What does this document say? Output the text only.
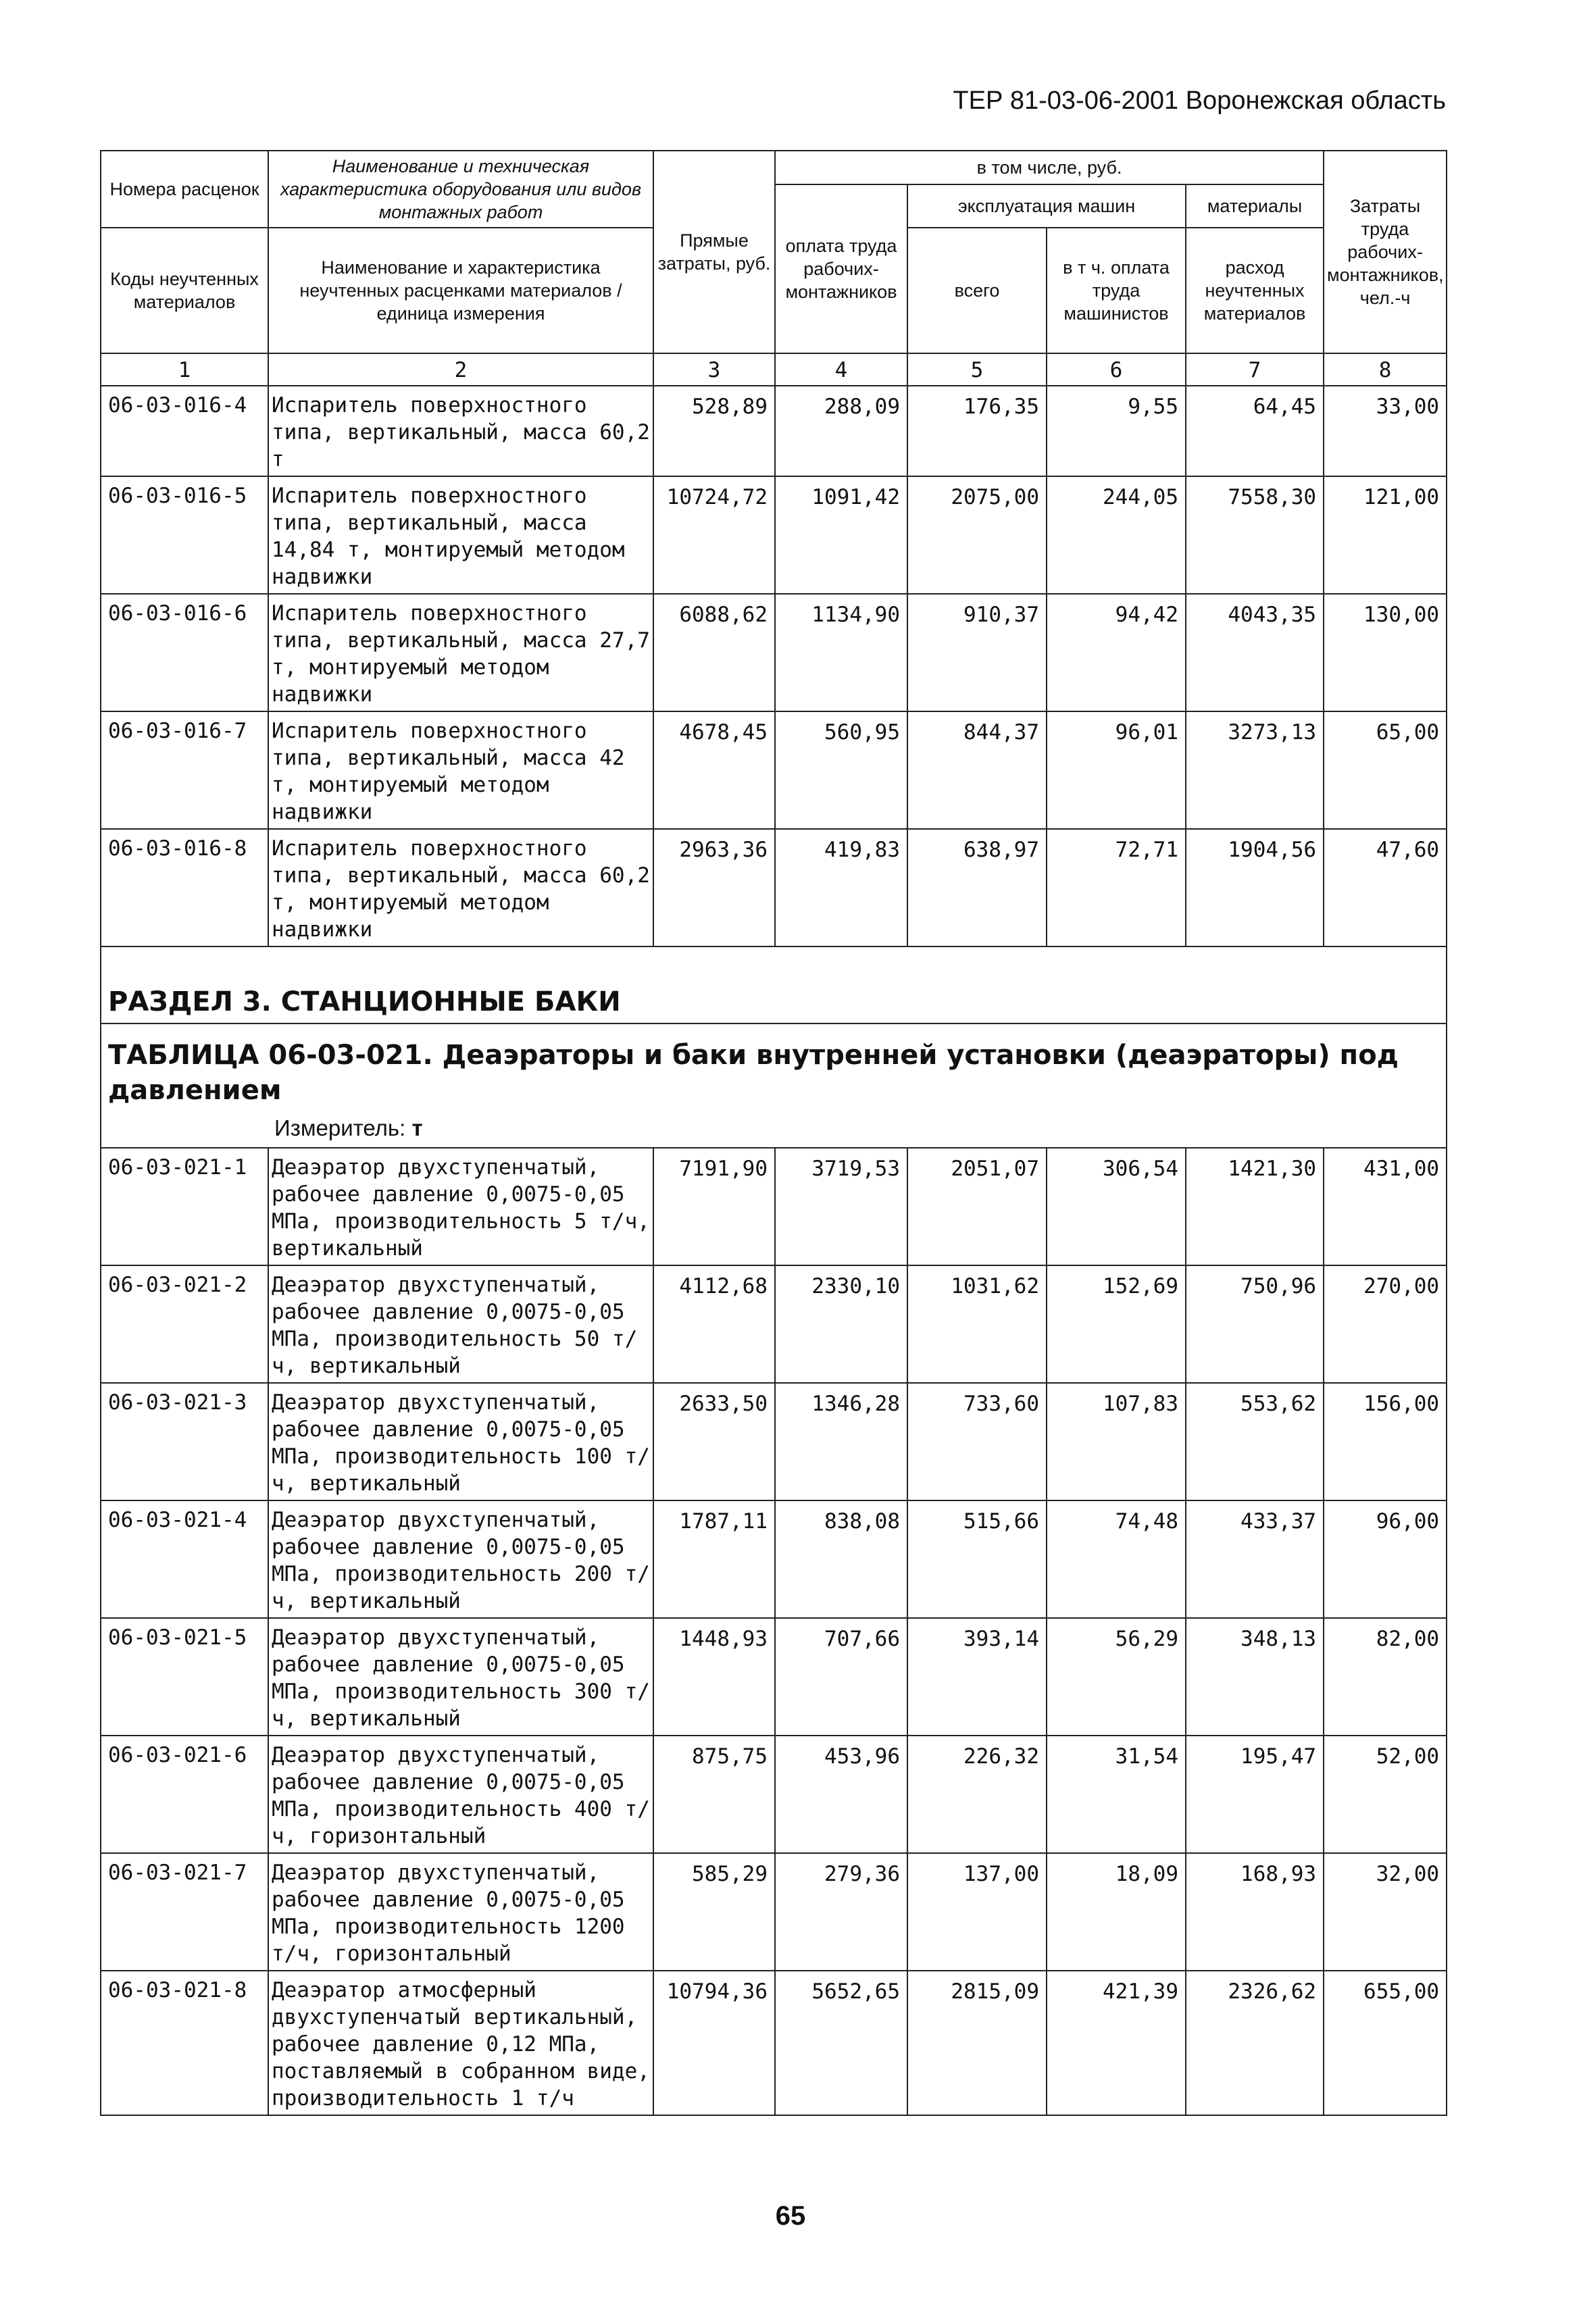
ТЕР 81-03-06-2001 Воронежская область
Номера расценок	Наименование и техническая характеристика оборудования или видов монтажных работ	Прямые затраты, руб.	в том числе, руб.				Затраты труда рабочих-монтажников, чел.-ч
			оплата труда рабочих-монтажников	эксплуатация машин		материалы	
Коды неучтенных материалов	Наименование и характеристика неучтенных расценками материалов / единица измерения			всего	в т ч. оплата труда машинистов	расход неучтенных материалов	
1	2	3	4	5	6	7	8
06-03-016-4	Испаритель поверхностного типа, вертикальный, масса 60,2 т	528,89	288,09	176,35	9,55	64,45	33,00
06-03-016-5	Испаритель поверхностного типа, вертикальный, масса 14,84 т, монтируемый методом надвижки	10724,72	1091,42	2075,00	244,05	7558,30	121,00
06-03-016-6	Испаритель поверхностного типа, вертикальный, масса 27,7 т, монтируемый методом надвижки	6088,62	1134,90	910,37	94,42	4043,35	130,00
06-03-016-7	Испаритель поверхностного типа, вертикальный, масса 42 т, монтируемый методом надвижки	4678,45	560,95	844,37	96,01	3273,13	65,00
06-03-016-8	Испаритель поверхностного типа, вертикальный, масса 60,2 т, монтируемый методом надвижки	2963,36	419,83	638,97	72,71	1904,56	47,60
РАЗДЕЛ 3. СТАНЦИОННЫЕ БАКИ							
ТАБЛИЦА 06-03-021. Деаэраторы и баки внутренней установки (деаэраторы) под давлением
Измеритель: т							

06-03-021-1	Деаэратор двухступенчатый, рабочее давление 0,0075-0,05 МПа, производительность 5 т/ч, вертикальный	7191,90	3719,53	2051,07	306,54	1421,30	431,00
06-03-021-2	Деаэратор двухступенчатый, рабочее давление 0,0075-0,05 МПа, производительность 50 т/ч, вертикальный	4112,68	2330,10	1031,62	152,69	750,96	270,00
06-03-021-3	Деаэратор двухступенчатый, рабочее давление 0,0075-0,05 МПа, производительность 100 т/ч, вертикальный	2633,50	1346,28	733,60	107,83	553,62	156,00
06-03-021-4	Деаэратор двухступенчатый, рабочее давление 0,0075-0,05 МПа, производительность 200 т/ч, вертикальный	1787,11	838,08	515,66	74,48	433,37	96,00
06-03-021-5	Деаэратор двухступенчатый, рабочее давление 0,0075-0,05 МПа, производительность 300 т/ч, вертикальный	1448,93	707,66	393,14	56,29	348,13	82,00
06-03-021-6	Деаэратор двухступенчатый, рабочее давление 0,0075-0,05 МПа, производительность 400 т/ч, горизонтальный	875,75	453,96	226,32	31,54	195,47	52,00
06-03-021-7	Деаэратор двухступенчатый, рабочее давление 0,0075-0,05 МПа, производительность 1200 т/ч, горизонтальный	585,29	279,36	137,00	18,09	168,93	32,00
06-03-021-8	Деаэратор атмосферный двухступенчатый вертикальный, рабочее давление 0,12 МПа, поставляемый в собранном виде, производительность 1 т/ч	10794,36	5652,65	2815,09	421,39	2326,62	655,00
65
